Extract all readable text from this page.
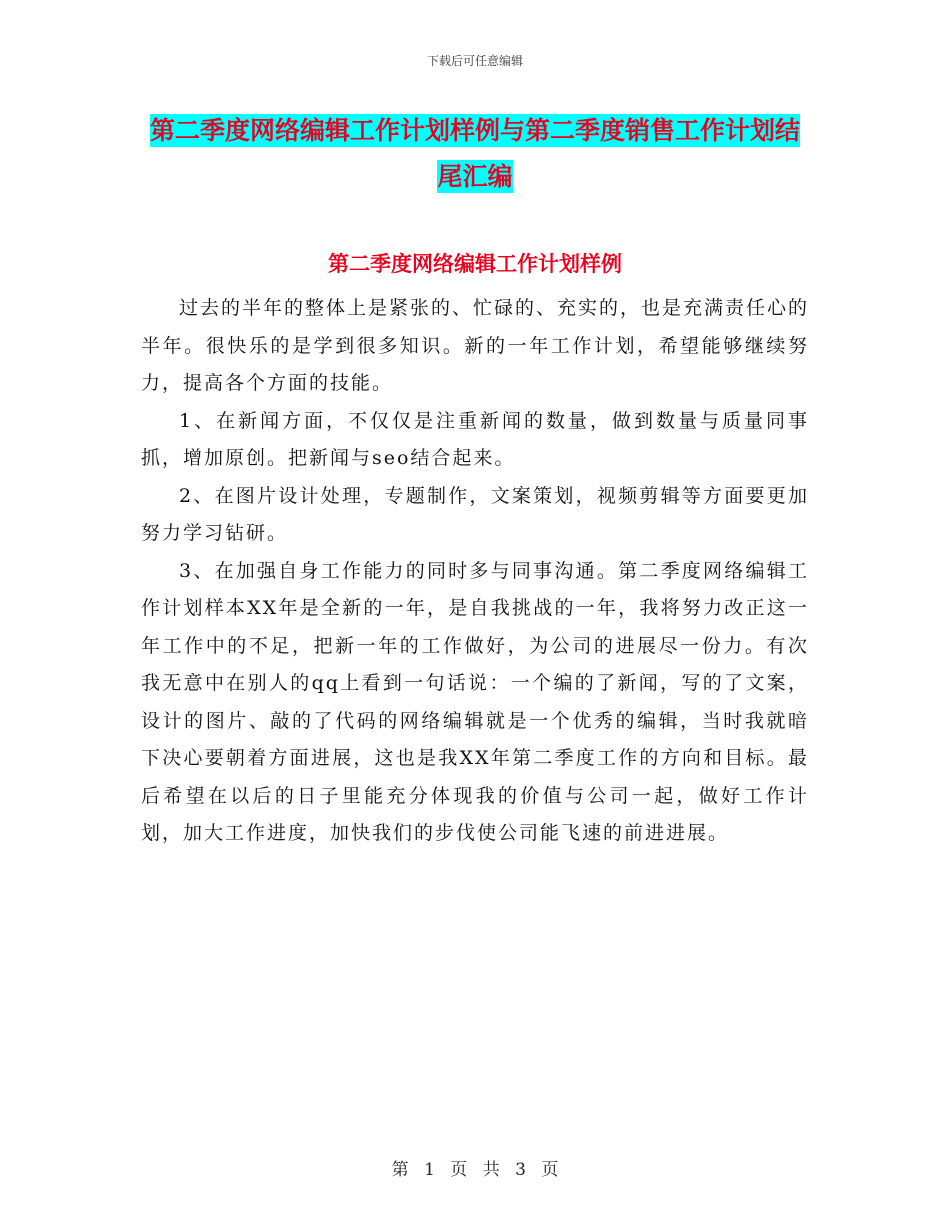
下载后可任意编辑
第二季度网络编辑工作计划样例与第二季度销售工作计划结尾汇编
第二季度网络编辑工作计划样例

过去的半年的整体上是紧张的、忙碌的、充实的，也是充满责任心的半年。很快乐的是学到很多知识。新的一年工作计划，希望能够继续努力，提高各个方面的技能。

1、在新闻方面，不仅仅是注重新闻的数量，做到数量与质量同事抓，增加原创。把新闻与seo结合起来。

2、在图片设计处理，专题制作，文案策划，视频剪辑等方面要更加努力学习钻研。

3、在加强自身工作能力的同时多与同事沟通。第二季度网络编辑工作计划样本XX年是全新的一年，是自我挑战的一年，我将努力改正这一年工作中的不足，把新一年的工作做好，为公司的进展尽一份力。有次我无意中在别人的qq上看到一句话说：一个编的了新闻，写的了文案，设计的图片、敲的了代码的网络编辑就是一个优秀的编辑，当时我就暗下决心要朝着方面进展，这也是我XX年第二季度工作的方向和目标。最后希望在以后的日子里能充分体现我的价值与公司一起，做好工作计划，加大工作进度，加快我们的步伐使公司能飞速的前进进展。

第 1 页 共 3 页
